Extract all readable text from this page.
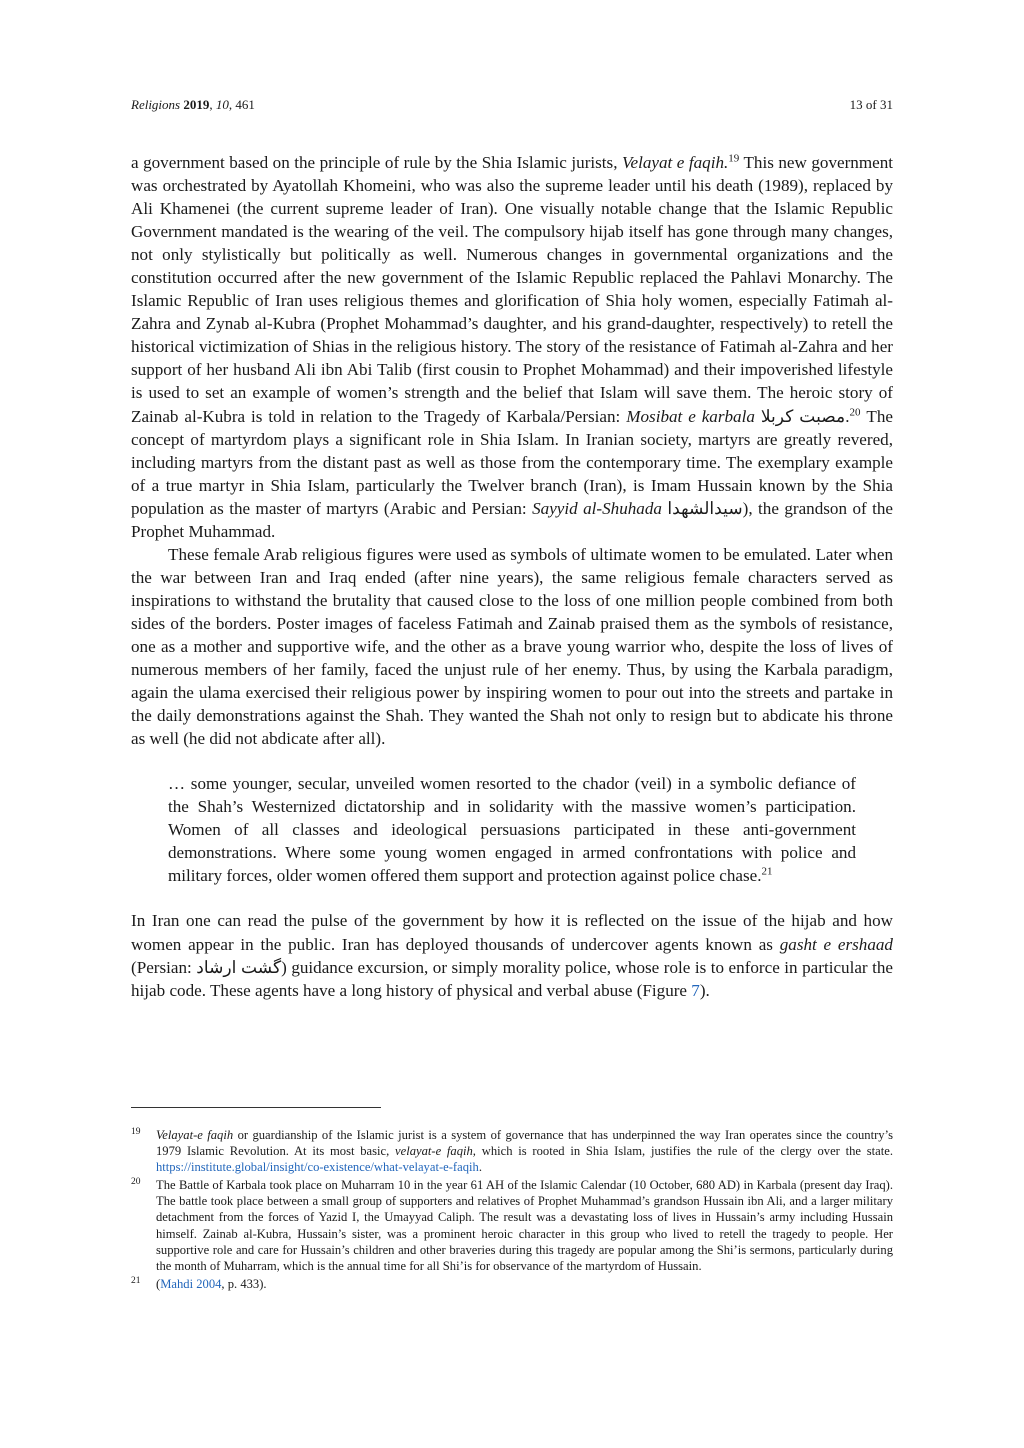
Religions 2019, 10, 461	13 of 31

a government based on the principle of rule by the Shia Islamic jurists, Velayat e faqih.$^{19}$ This new government was orchestrated by Ayatollah Khomeini, who was also the supreme leader until his death (1989), replaced by Ali Khamenei (the current supreme leader of Iran). One visually notable change that the Islamic Republic Government mandated is the wearing of the veil. The compulsory hijab itself has gone through many changes, not only stylistically but politically as well. Numerous changes in governmental organizations and the constitution occurred after the new government of the Islamic Republic replaced the Pahlavi Monarchy. The Islamic Republic of Iran uses religious themes and glorification of Shia holy women, especially Fatimah al-Zahra and Zynab al-Kubra (Prophet Mohammad’s daughter, and his grand-daughter, respectively) to retell the historical victimization of Shias in the religious history. The story of the resistance of Fatimah al-Zahra and her support of her husband Ali ibn Abi Talib (first cousin to Prophet Mohammad) and their impoverished lifestyle is used to set an example of women’s strength and the belief that Islam will save them. The heroic story of Zainab al-Kubra is told in relation to the Tragedy of Karbala/Persian: Mosibat e karbala مصبت کربلا.$^{20}$ The concept of martyrdom plays a significant role in Shia Islam. In Iranian society, martyrs are greatly revered, including martyrs from the distant past as well as those from the contemporary time. The exemplary example of a true martyr in Shia Islam, particularly the Twelver branch (Iran), is Imam Hussain known by the Shia population as the master of martyrs (Arabic and Persian: Sayyid al-Shuhada سیدالشهدا), the grandson of the Prophet Muhammad.

These female Arab religious figures were used as symbols of ultimate women to be emulated. Later when the war between Iran and Iraq ended (after nine years), the same religious female characters served as inspirations to withstand the brutality that caused close to the loss of one million people combined from both sides of the borders. Poster images of faceless Fatimah and Zainab praised them as the symbols of resistance, one as a mother and supportive wife, and the other as a brave young warrior who, despite the loss of lives of numerous members of her family, faced the unjust rule of her enemy. Thus, by using the Karbala paradigm, again the ulama exercised their religious power by inspiring women to pour out into the streets and partake in the daily demonstrations against the Shah. They wanted the Shah not only to resign but to abdicate his throne as well (he did not abdicate after all).

… some younger, secular, unveiled women resorted to the chador (veil) in a symbolic defiance of the Shah’s Westernized dictatorship and in solidarity with the massive women’s participation. Women of all classes and ideological persuasions participated in these anti-government demonstrations. Where some young women engaged in armed confrontations with police and military forces, older women offered them support and protection against police chase.$^{21}$

In Iran one can read the pulse of the government by how it is reflected on the issue of the hijab and how women appear in the public. Iran has deployed thousands of undercover agents known as gasht e ershaad (Persian: گشت ارشاد) guidance excursion, or simply morality police, whose role is to enforce in particular the hijab code. These agents have a long history of physical and verbal abuse (Figure 7).

19 Velayat-e faqih or guardianship of the Islamic jurist is a system of governance that has underpinned the way Iran operates since the country’s 1979 Islamic Revolution. At its most basic, velayat-e faqih, which is rooted in Shia Islam, justifies the rule of the clergy over the state. https://institute.global/insight/co-existence/what-velayat-e-faqih.
20 The Battle of Karbala took place on Muharram 10 in the year 61 AH of the Islamic Calendar (10 October, 680 AD) in Karbala (present day Iraq). The battle took place between a small group of supporters and relatives of Prophet Muhammad’s grandson Hussain ibn Ali, and a larger military detachment from the forces of Yazid I, the Umayyad Caliph. The result was a devastating loss of lives in Hussain’s army including Hussain himself. Zainab al-Kubra, Hussain’s sister, was a prominent heroic character in this group who lived to retell the tragedy to people. Her supportive role and care for Hussain’s children and other braveries during this tragedy are popular among the Shi’is sermons, particularly during the month of Muharram, which is the annual time for all Shi’is for observance of the martyrdom of Hussain.
21 (Mahdi 2004, p. 433).
